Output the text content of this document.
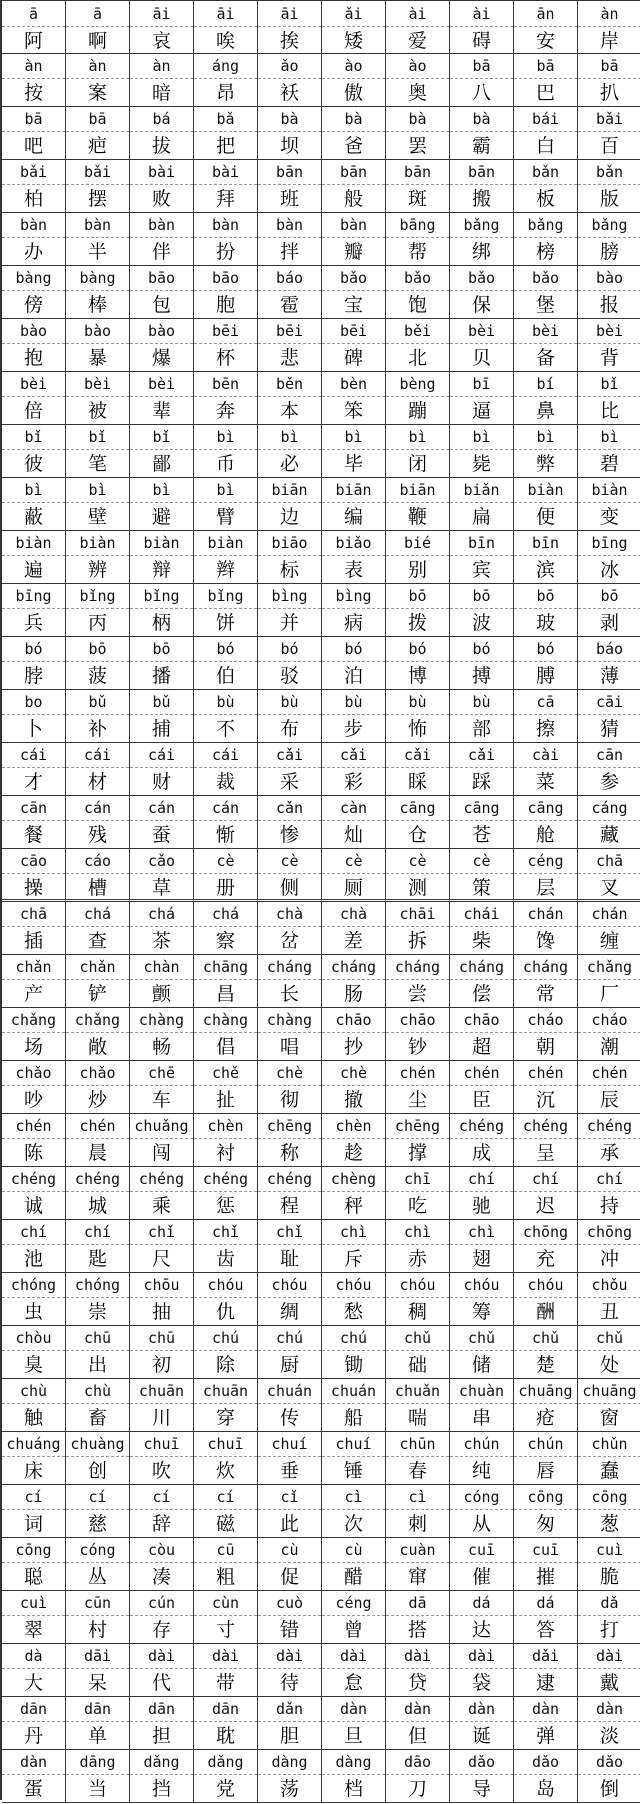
ā
阿
ā
啊
āi
哀
āi
唉
āi
挨
ǎi
矮
ài
爱
ài
碍
ān
安
àn
岸
àn
按
àn
案
àn
暗
áng
昂
ǎo
袄
ào
傲
ào
奥
bā
八
bā
巴
bā
扒
bā
吧
bā
疤
bá
拔
bǎ
把
bà
坝
bà
爸
bà
罢
bà
霸
bái
白
bǎi
百
bǎi
柏
bǎi
摆
bài
败
bài
拜
bān
班
bān
般
bān
斑
bān
搬
bǎn
板
bǎn
版
bàn
办
bàn
半
bàn
伴
bàn
扮
bàn
拌
bàn
瓣
bāng
帮
bǎng
绑
bǎng
榜
bǎng
膀
bàng
傍
bàng
棒
bāo
包
bāo
胞
báo
雹
bǎo
宝
bǎo
饱
bǎo
保
bǎo
堡
bào
报
bào
抱
bào
暴
bào
爆
bēi
杯
bēi
悲
bēi
碑
běi
北
bèi
贝
bèi
备
bèi
背
bèi
倍
bèi
被
bèi
辈
bēn
奔
běn
本
bèn
笨
bèng
蹦
bī
逼
bí
鼻
bǐ
比
bǐ
彼
bǐ
笔
bǐ
鄙
bì
币
bì
必
bì
毕
bì
闭
bì
毙
bì
弊
bì
碧
bì
蔽
bì
壁
bì
避
bì
臂
biān
边
biān
编
biān
鞭
biǎn
扁
biàn
便
biàn
变
biàn
遍
biàn
辨
biàn
辩
biàn
辫
biāo
标
biǎo
表
bié
别
bīn
宾
bīn
滨
bīng
冰
bīng
兵
bǐng
丙
bǐng
柄
bǐng
饼
bìng
并
bìng
病
bō
拨
bō
波
bō
玻
bō
剥
bó
脖
bō
菠
bō
播
bó
伯
bó
驳
bó
泊
bó
博
bó
搏
bó
膊
báo
薄
bo
卜
bǔ
补
bǔ
捕
bù
不
bù
布
bù
步
bù
怖
bù
部
cā
擦
cāi
猜
cái
才
cái
材
cái
财
cái
裁
cǎi
采
cǎi
彩
cǎi
睬
cǎi
踩
cài
菜
cān
参
cān
餐
cán
残
cán
蚕
cán
惭
cǎn
惨
càn
灿
cāng
仓
cāng
苍
cāng
舱
cáng
藏
cāo
操
cáo
槽
cǎo
草
cè
册
cè
侧
cè
厕
cè
测
cè
策
céng
层
chā
叉
chā
插
chá
查
chá
茶
chá
察
chà
岔
chà
差
chāi
拆
chái
柴
chán
馋
chán
缠
chǎn
产
chǎn
铲
chàn
颤
chāng
昌
cháng
长
cháng
肠
cháng
尝
cháng
偿
cháng
常
chǎng
厂
chǎng
场
chǎng
敞
chàng
畅
chàng
倡
chàng
唱
chāo
抄
chāo
钞
chāo
超
cháo
朝
cháo
潮
chǎo
吵
chǎo
炒
chē
车
chě
扯
chè
彻
chè
撤
chén
尘
chén
臣
chén
沉
chén
辰
chén
陈
chén
晨
chuǎng
闯
chèn
衬
chēng
称
chèn
趁
chēng
撑
chéng
成
chéng
呈
chéng
承
chéng
诚
chéng
城
chéng
乘
chéng
惩
chéng
程
chèng
秤
chī
吃
chí
驰
chí
迟
chí
持
chí
池
chí
匙
chǐ
尺
chǐ
齿
chǐ
耻
chì
斥
chì
赤
chì
翅
chōng
充
chōng
冲
chóng
虫
chóng
崇
chōu
抽
chóu
仇
chóu
绸
chóu
愁
chóu
稠
chóu
筹
chóu
酬
chǒu
丑
chòu
臭
chū
出
chū
初
chú
除
chú
厨
chú
锄
chǔ
础
chǔ
储
chǔ
楚
chǔ
处
chù
触
chù
畜
chuān
川
chuān
穿
chuán
传
chuán
船
chuǎn
喘
chuàn
串
chuāng
疮
chuāng
窗
chuáng
床
chuàng
创
chuī
吹
chuī
炊
chuí
垂
chuí
锤
chūn
春
chún
纯
chún
唇
chǔn
蠢
cí
词
cí
慈
cí
辞
cí
磁
cǐ
此
cì
次
cì
刺
cóng
从
cōng
匆
cōng
葱
cōng
聪
cóng
丛
còu
凑
cū
粗
cù
促
cù
醋
cuàn
窜
cuī
催
cuī
摧
cuì
脆
cuì
翠
cūn
村
cún
存
cùn
寸
cuò
错
céng
曾
dā
搭
dá
达
dá
答
dǎ
打
dà
大
dāi
呆
dài
代
dài
带
dài
待
dài
怠
dài
贷
dài
袋
dǎi
逮
dài
戴
dān
丹
dān
单
dān
担
dān
耽
dǎn
胆
dàn
旦
dàn
但
dàn
诞
dàn
弹
dàn
淡
dàn
蛋
dāng
当
dǎng
挡
dǎng
党
dàng
荡
dàng
档
dāo
刀
dǎo
导
dǎo
岛
dǎo
倒
